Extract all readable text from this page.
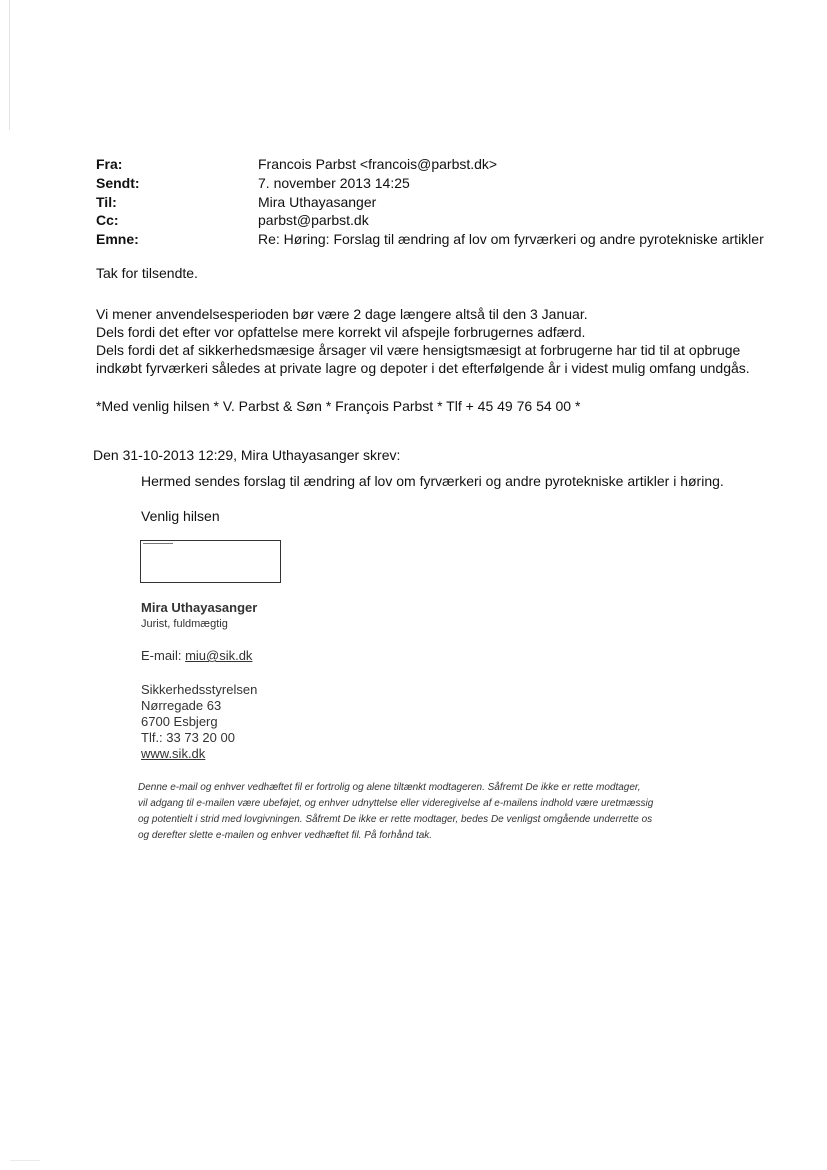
Fra:	Francois Parbst <francois@parbst.dk>
Sendt:	7. november 2013 14:25
Til:	Mira Uthayasanger
Cc:	parbst@parbst.dk
Emne:	Re: Høring: Forslag til ændring af lov om fyrværkeri og andre pyrotekniske artikler
Tak for tilsendte.
Vi mener anvendelsesperioden bør være 2 dage længere altså til den 3 Januar.
Dels fordi det efter vor opfattelse mere korrekt vil afspejle forbrugernes adfærd.
Dels fordi det af sikkerhedsmæsige årsager vil være hensigtsmæsigt at forbrugerne har tid til at opbruge
indkøbt fyrværkeri således at private lagre og depoter i det efterfølgende år i videst mulig omfang undgås.
*Med venlig hilsen * V. Parbst & Søn * François Parbst * Tlf + 45 49 76 54 00 *
Den 31-10-2013 12:29, Mira Uthayasanger skrev:
Hermed sendes forslag til ændring af lov om fyrværkeri og andre pyrotekniske artikler i høring.
Venlig hilsen
Mira Uthayasanger
Jurist, fuldmægtig
E-mail: miu@sik.dk
Sikkerhedsstyrelsen
Nørregade 63
6700 Esbjerg
Tlf.: 33 73 20 00
www.sik.dk
Denne e-mail og enhver vedhæftet fil er fortrolig og alene tiltænkt modtageren. Såfremt De ikke er rette modtager,
vil adgang til e-mailen være ubeføjet, og enhver udnyttelse eller videregivelse af e-mailens indhold være uretmæssig
og potentielt i strid med lovgivningen. Såfremt De ikke er rette modtager, bedes De venligst omgående underrette os
og derefter slette e-mailen og enhver vedhæftet fil. På forhånd tak.
